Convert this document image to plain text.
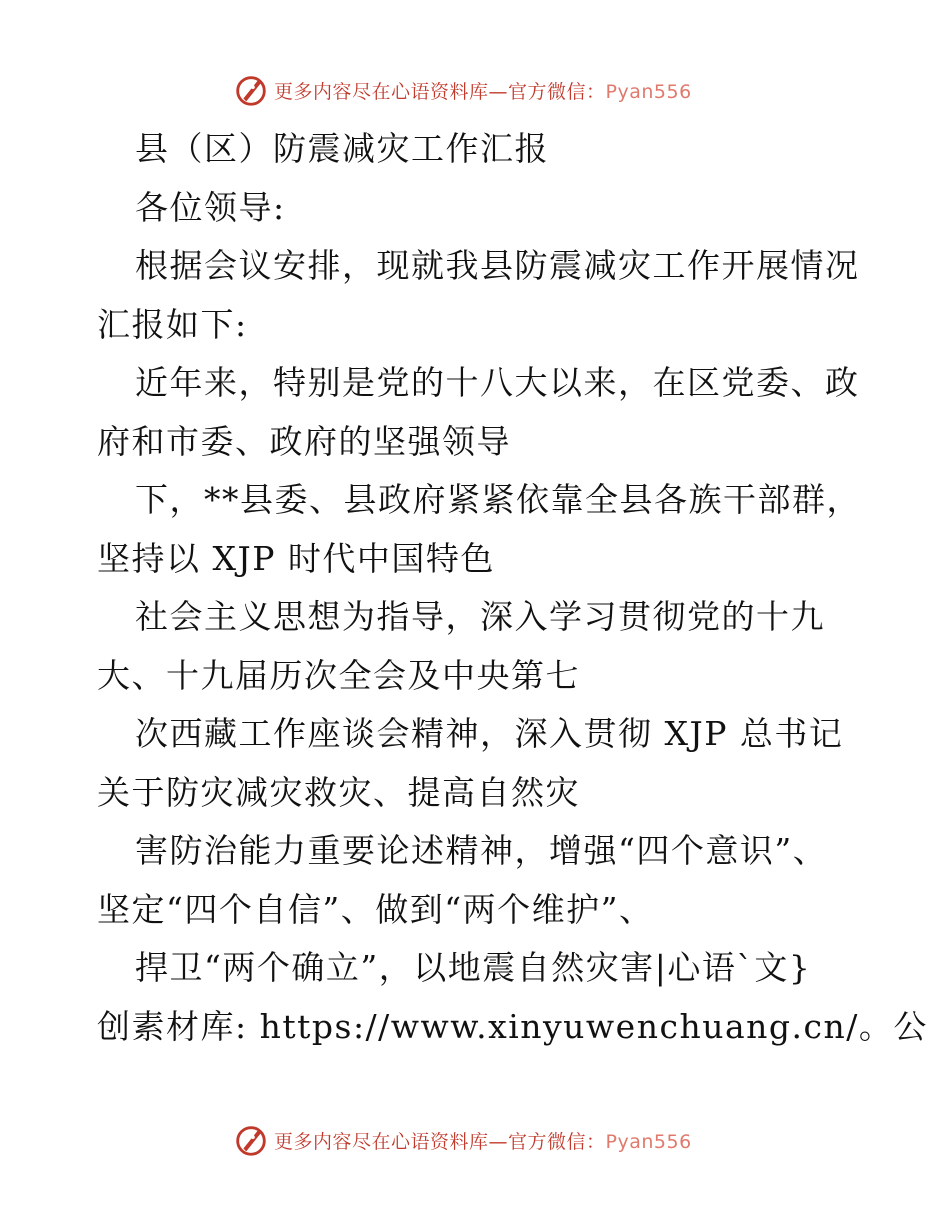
更多内容尽在心语资料库—官方微信：Pyan556
县（区）防震减灾工作汇报
各位领导:
根据会议安排，现就我县防震减灾工作开展情况
汇报如下:
近年来，特别是党的十八大以来，在区党委、政
府和市委、政府的坚强领导
下，**县委、县政府紧紧依靠全县各族干部群，
坚持以 XJP 时代中国特色
社会主义思想为指导，深入学习贯彻党的十九
大、十九届历次全会及中央第七
次西藏工作座谈会精神，深入贯彻 XJP 总书记
关于防灾减灾救灾、提高自然灾
害防治能力重要论述精神，增强“四个意识”、
坚定“四个自信”、做到“两个维护”、
捍卫“两个确立”，以地震自然灾害|心语`文}
创素材库: https://www.xinyuwenchuang.cn/。公
更多内容尽在心语资料库—官方微信：Pyan556
